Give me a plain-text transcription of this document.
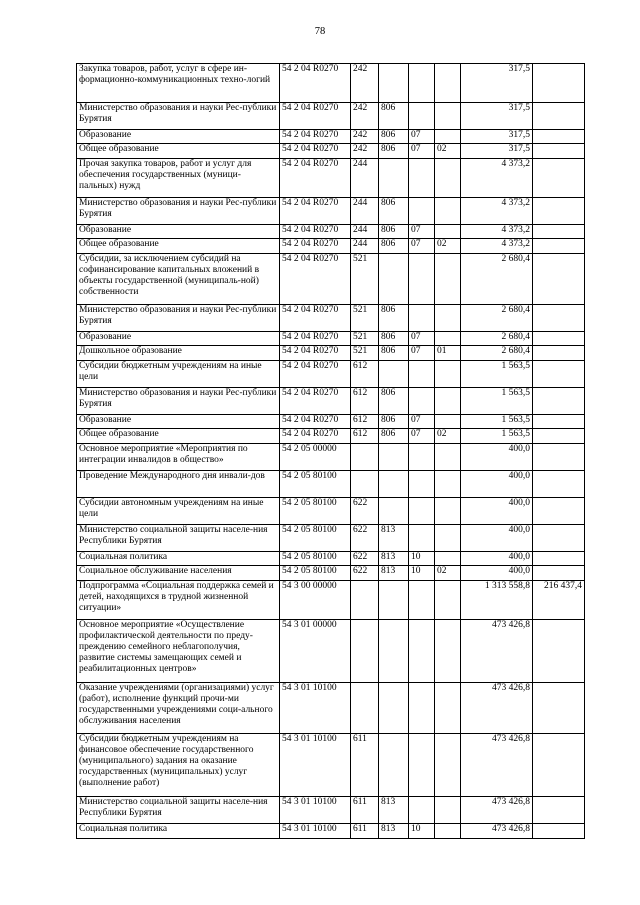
78
Закупка товаров, работ, услуг в сфере ин-формационно-коммуникационных техно-логий	54 2 04 R0270	242				317,5	
Министерство образования и науки Рес-публики Бурятия	54 2 04 R0270	242	806			317,5	
Образование	54 2 04 R0270	242	806	07		317,5	
Общее образование	54 2 04 R0270	242	806	07	02	317,5	
Прочая закупка товаров, работ и услуг для обеспечения государственных (муници-пальных) нужд	54 2 04 R0270	244				4 373,2	
Министерство образования и науки Рес-публики Бурятия	54 2 04 R0270	244	806			4 373,2	
Образование	54 2 04 R0270	244	806	07		4 373,2	
Общее образование	54 2 04 R0270	244	806	07	02	4 373,2	
Субсидии, за исключением субсидий на софинансирование капитальных вложений в объекты государственной (муниципаль-ной) собственности	54 2 04 R0270	521				2 680,4	
Министерство образования и науки Рес-публики Бурятия	54 2 04 R0270	521	806			2 680,4	
Образование	54 2 04 R0270	521	806	07		2 680,4	
Дошкольное образование	54 2 04 R0270	521	806	07	01	2 680,4	
Субсидии бюджетным учреждениям на иные цели	54 2 04 R0270	612				1 563,5	
Министерство образования и науки Рес-публики Бурятия	54 2 04 R0270	612	806			1 563,5	
Образование	54 2 04 R0270	612	806	07		1 563,5	
Общее образование	54 2 04 R0270	612	806	07	02	1 563,5	
Основное мероприятие «Мероприятия по интеграции инвалидов в общество»	54 2 05 00000					400,0	
Проведение Международного дня инвали-дов	54 2 05 80100					400,0	
Субсидии автономным учреждениям на иные цели	54 2 05 80100	622				400,0	
Министерство социальной защиты населе-ния Республики Бурятия	54 2 05 80100	622	813			400,0	
Социальная политика	54 2 05 80100	622	813	10		400,0	
Социальное обслуживание населения	54 2 05 80100	622	813	10	02	400,0	
Подпрограмма «Социальная поддержка семей и детей, находящихся в трудной жизненной ситуации»	54 3 00 00000					1 313 558,8	216 437,4
Основное мероприятие «Осуществление профилактической деятельности по преду-преждению семейного неблагополучия, развитие системы замещающих семей и реабилитационных центров»	54 3 01 00000					473 426,8	
Оказание учреждениями (организациями) услуг (работ), исполнение функций прочи-ми государственными учреждениями соци-ального обслуживания населения	54 3 01 10100					473 426,8	
Субсидии бюджетным учреждениям на финансовое обеспечение государственного (муниципального) задания на оказание государственных (муниципальных) услуг (выполнение работ)	54 3 01 10100	611				473 426,8	
Министерство социальной защиты населе-ния Республики Бурятия	54 3 01 10100	611	813			473 426,8	
Социальная политика	54 3 01 10100	611	813	10		473 426,8	
